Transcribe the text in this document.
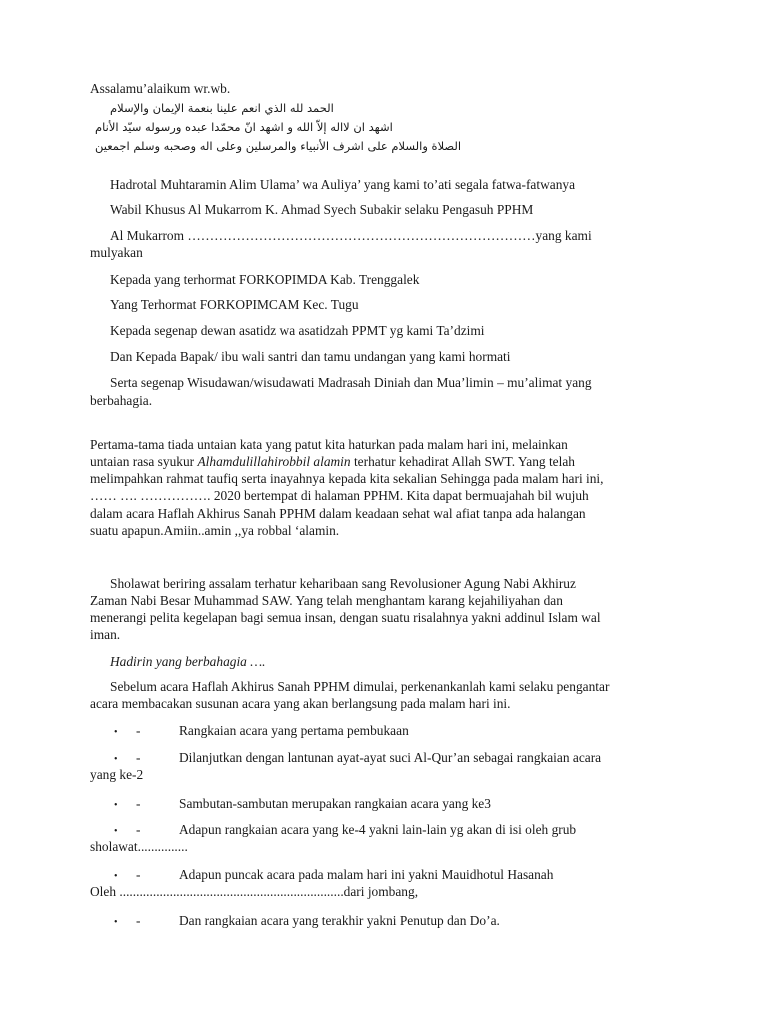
Assalamu’alaikum wr.wb.
الحمد لله الذي انعم علينا بنعمة الإيمان والإسلام
اشهد ان لااله إلاّ الله و اشهد انّ محمّدا عبده ورسوله سيّد الأنام
الصلاة والسلام على اشرف الأنبياء والمرسلين وعلى اله وصحبه وسلم اجمعين
Hadrotal Muhtaramin Alim Ulama’ wa Auliya’ yang kami to’ati segala fatwa-fatwanya
Wabil Khusus Al Mukarrom K. Ahmad Syech Subakir selaku Pengasuh PPHM
Al Mukarrom ……………………………………………………………………yang kami
mulyakan
Kepada yang terhormat FORKOPIMDA Kab. Trenggalek
Yang Terhormat FORKOPIMCAM Kec. Tugu
Kepada segenap dewan asatidz wa asatidzah PPMT yg kami Ta’dzimi
Dan Kepada Bapak/ ibu wali santri dan tamu undangan yang kami hormati
Serta segenap Wisudawan/wisudawati Madrasah Diniah dan Mua’limin – mu’alimat yang
berbahagia.
Pertama-tama tiada untaian kata yang patut kita haturkan pada malam hari ini, melainkan
untaian rasa syukur Alhamdulillahirobbil alamin terhatur kehadirat Allah SWT. Yang telah
melimpahkan rahmat taufiq serta inayahnya kepada kita sekalian Sehingga pada malam hari ini,
…… …. ……………. 2020 bertempat di halaman PPHM. Kita dapat bermuajahah bil wujuh
dalam acara Haflah Akhirus Sanah PPHM dalam keadaan sehat wal afiat tanpa ada halangan
suatu apapun.Amiin..amin ,,ya robbal ‘alamin.
Sholawat beriring assalam terhatur keharibaan sang Revolusioner Agung Nabi Akhiruz
Zaman Nabi Besar Muhammad SAW. Yang telah menghantam karang kejahiliyahan dan
menerangi pelita kegelapan bagi semua insan, dengan suatu risalahnya yakni addinul Islam wal
iman.
Hadirin yang berbahagia ….
Sebelum acara Haflah Akhirus Sanah PPHM dimulai, perkenankanlah kami selaku pengantar
acara membacakan susunan acara yang akan berlangsung pada malam hari ini.
• -	Rangkaian acara yang pertama pembukaan
• -	Dilanjutkan dengan lantunan ayat-ayat suci Al-Qur’an sebagai rangkaian acara
yang ke-2
• -	Sambutan-sambutan merupakan rangkaian acara yang ke3
• -	Adapun rangkaian acara yang ke-4 yakni lain-lain yg akan di isi oleh grub
sholawat...............
• -	Adapun puncak acara pada malam hari ini yakni Mauidhotul Hasanah
Oleh ...................................................................dari jombang,
• -	Dan rangkaian acara yang terakhir yakni Penutup dan Do’a.
